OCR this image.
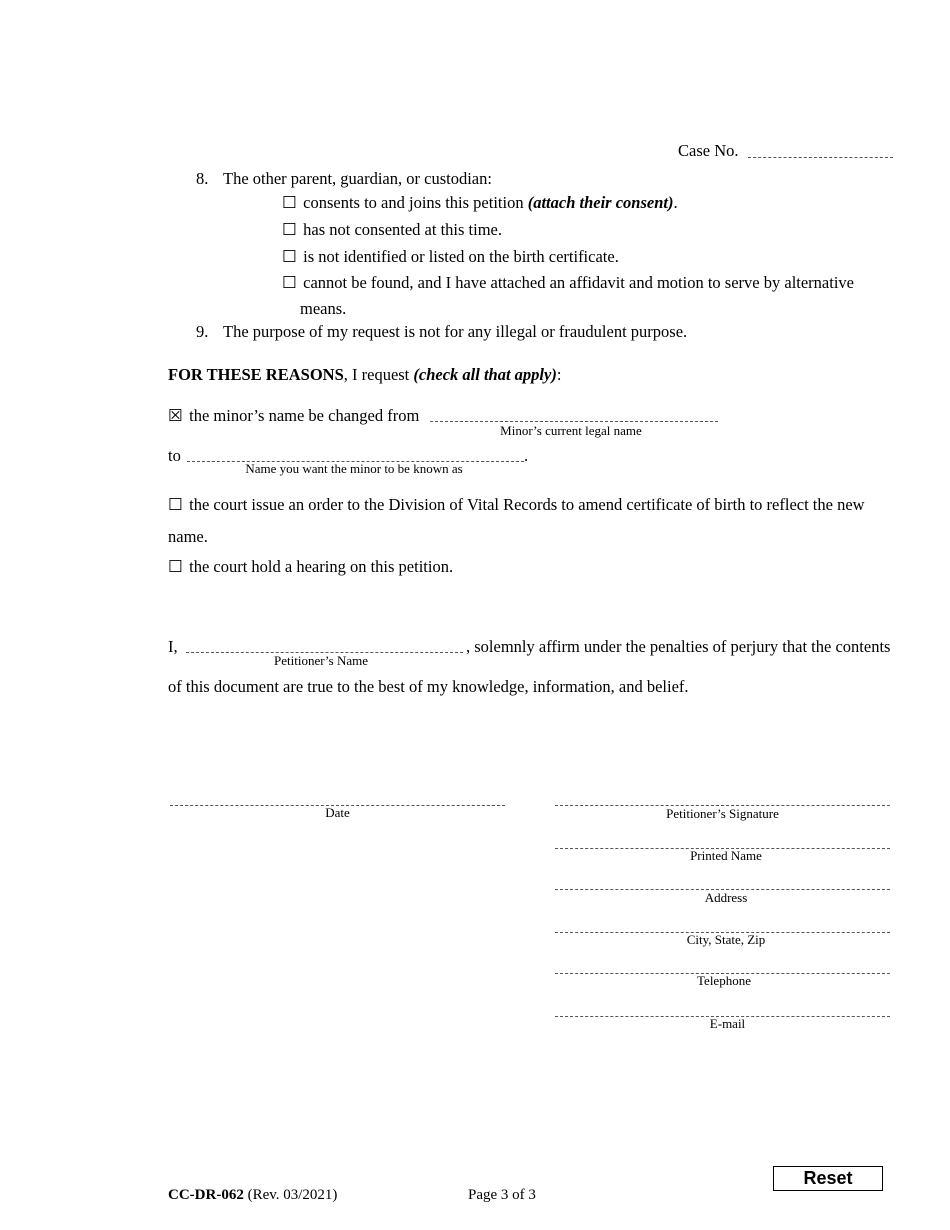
Case No.
8. The other parent, guardian, or custodian:
☐ consents to and joins this petition (attach their consent).
☐ has not consented at this time.
☐ is not identified or listed on the birth certificate.
☐ cannot be found, and I have attached an affidavit and motion to serve by alternative
means.
9. The purpose of my request is not for any illegal or fraudulent purpose.
FOR THESE REASONS, I request (check all that apply):
☒ the minor’s name be changed from
Minor’s current legal name
to	.
Name you want the minor to be known as
☐ the court issue an order to the Division of Vital Records to amend certificate of birth to reflect the new
name.
☐ the court hold a hearing on this petition.
I,	, solemnly affirm under the penalties of perjury that the contents
Petitioner’s Name
of this document are true to the best of my knowledge, information, and belief.
Date	Petitioner’s Signature
Printed Name
Address
City, State, Zip
Telephone
E-mail
CC-DR-062 (Rev. 03/2021)	Page 3 of 3
Reset
